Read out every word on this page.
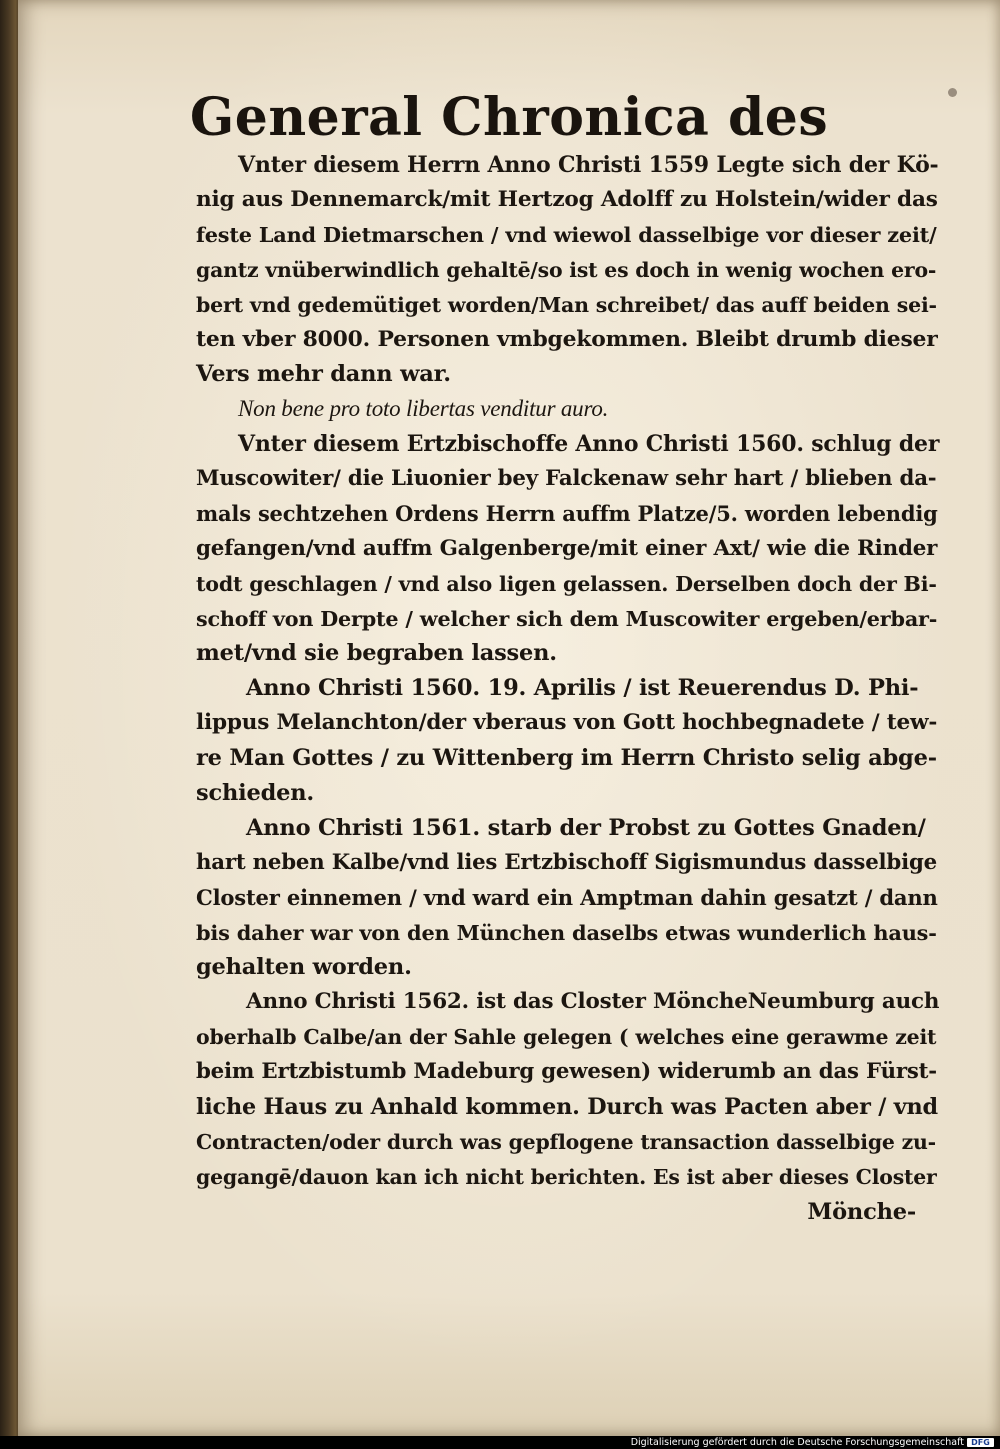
General Chronica des
Vnter diesem Herrn Anno Christi 1559 Legte sich der Kö-
nig aus Dennemarck/mit Hertzog Adolff zu Holstein/wider das
feste Land Dietmarschen / vnd wiewol dasselbige vor dieser zeit/
gantz vnüberwindlich gehaltē/so ist es doch in wenig wochen ero-
bert vnd gedemütiget worden/Man schreibet/ das auff beiden sei-
ten vber 8000. Personen vmbgekommen. Bleibt drumb dieser
Vers mehr dann war.
Non bene pro toto libertas venditur auro.
Vnter diesem Ertzbischoffe Anno Christi 1560. schlug der
Muscowiter/ die Liuonier bey Falckenaw sehr hart / blieben da-
mals sechtzehen Ordens Herrn auffm Platze/5. worden lebendig
gefangen/vnd auffm Galgenberge/mit einer Axt/ wie die Rinder
todt geschlagen / vnd also ligen gelassen. Derselben doch der Bi-
schoff von Derpte / welcher sich dem Muscowiter ergeben/erbar-
met/vnd sie begraben lassen.
Anno Christi 1560. 19. Aprilis / ist Reuerendus D. Phi-
lippus Melanchton/der vberaus von Gott hochbegnadete / tew-
re Man Gottes / zu Wittenberg im Herrn Christo selig abge-
schieden.
Anno Christi 1561. starb der Probst zu Gottes Gnaden/
hart neben Kalbe/vnd lies Ertzbischoff Sigismundus dasselbige
Closter einnemen / vnd ward ein Amptman dahin gesatzt / dann
bis daher war von den München daselbs etwas wunderlich haus-
gehalten worden.
Anno Christi 1562. ist das Closter MöncheNeumburg auch
oberhalb Calbe/an der Sahle gelegen ( welches eine gerawme zeit
beim Ertzbistumb Madeburg gewesen) widerumb an das Fürst-
liche Haus zu Anhald kommen. Durch was Pacten aber / vnd
Contracten/oder durch was gepflogene transaction dasselbige zu-
gegangē/dauon kan ich nicht berichten. Es ist aber dieses Closter
Mönche-
Digitalisierung gefördert durch die Deutsche Forschungsgemeinschaft DFG
